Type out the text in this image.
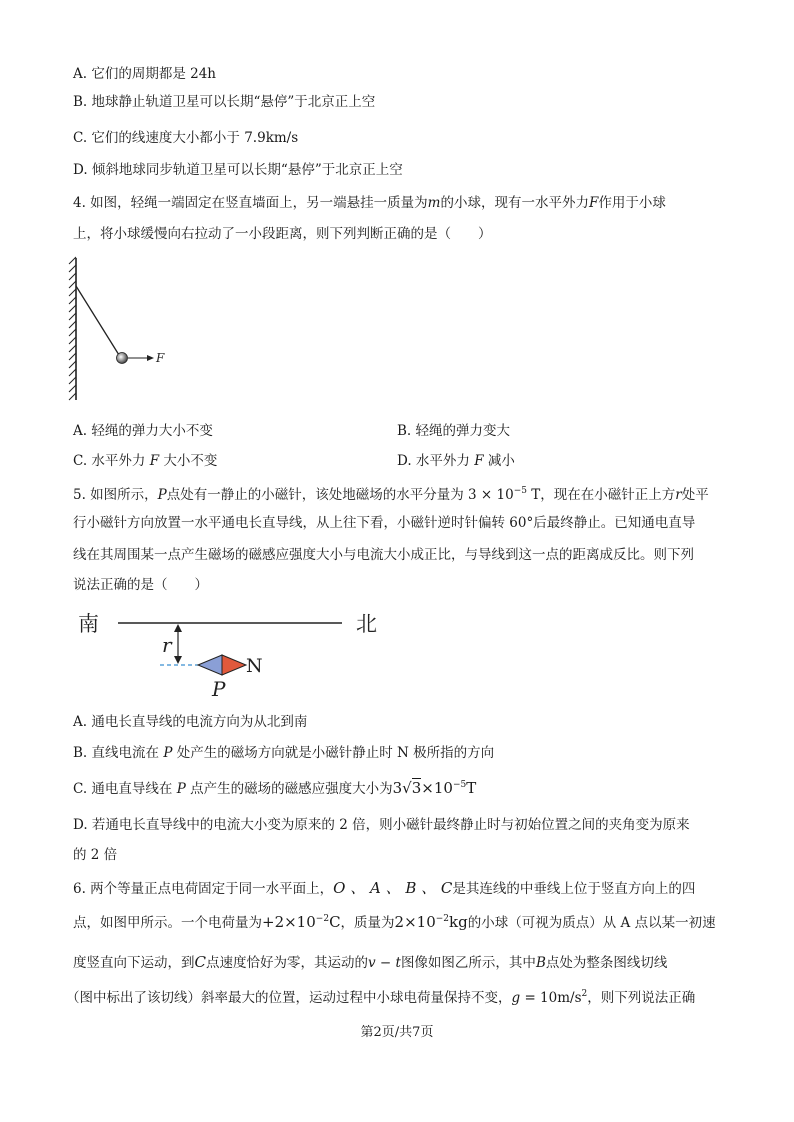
A. 它们的周期都是 24h
B. 地球静止轨道卫星可以长期“悬停”于北京正上空
C. 它们的线速度大小都小于 7.9km/s
D. 倾斜地球同步轨道卫星可以长期“悬停”于北京正上空
4. 如图，轻绳一端固定在竖直墙面上，另一端悬挂一质量为m的小球，现有一水平外力F作用于小球
上，将小球缓慢向右拉动了一小段距离，则下列判断正确的是（　　）
F
A. 轻绳的弹力大小不变	B. 轻绳的弹力变大
C. 水平外力 F 大小不变	D. 水平外力 F 减小
5. 如图所示，P点处有一静止的小磁针，该处地磁场的水平分量为 $3 \times 10^{-5}$ T，现在在小磁针正上方r处平
行小磁针方向放置一水平通电长直导线，从上往下看，小磁针逆时针偏转 60°后最终静止。已知通电直导
线在其周围某一点产生磁场的磁感应强度大小与电流大小成正比，与导线到这一点的距离成反比。则下列
说法正确的是（　　）
南	北
r
N
P
A. 通电长直导线的电流方向为从北到南
B. 直线电流在 P 处产生的磁场方向就是小磁针静止时 N 极所指的方向
C. 通电直导线在 P 点产生的磁场的磁感应强度大小为$3√3\times 10^{-5}T$
D. 若通电长直导线中的电流大小变为原来的 2 倍，则小磁针最终静止时与初始位置之间的夹角变为原来
的 2 倍
6. 两个等量正点电荷固定于同一水平面上，O 、 A 、 B 、 C是其连线的中垂线上位于竖直方向上的四
点，如图甲所示。一个电荷量为$+2\times 10^{-2}C$，质量为$2\times 10^{-2}kg$的小球（可视为质点）从 A 点以某一初速
度竖直向下运动，到C点速度恰好为零，其运动的v − t图像如图乙所示，其中B点处为整条图线切线
（图中标出了该切线）斜率最大的位置，运动过程中小球电荷量保持不变，$g = 10m/s^2$，则下列说法正确
第2页/共7页
